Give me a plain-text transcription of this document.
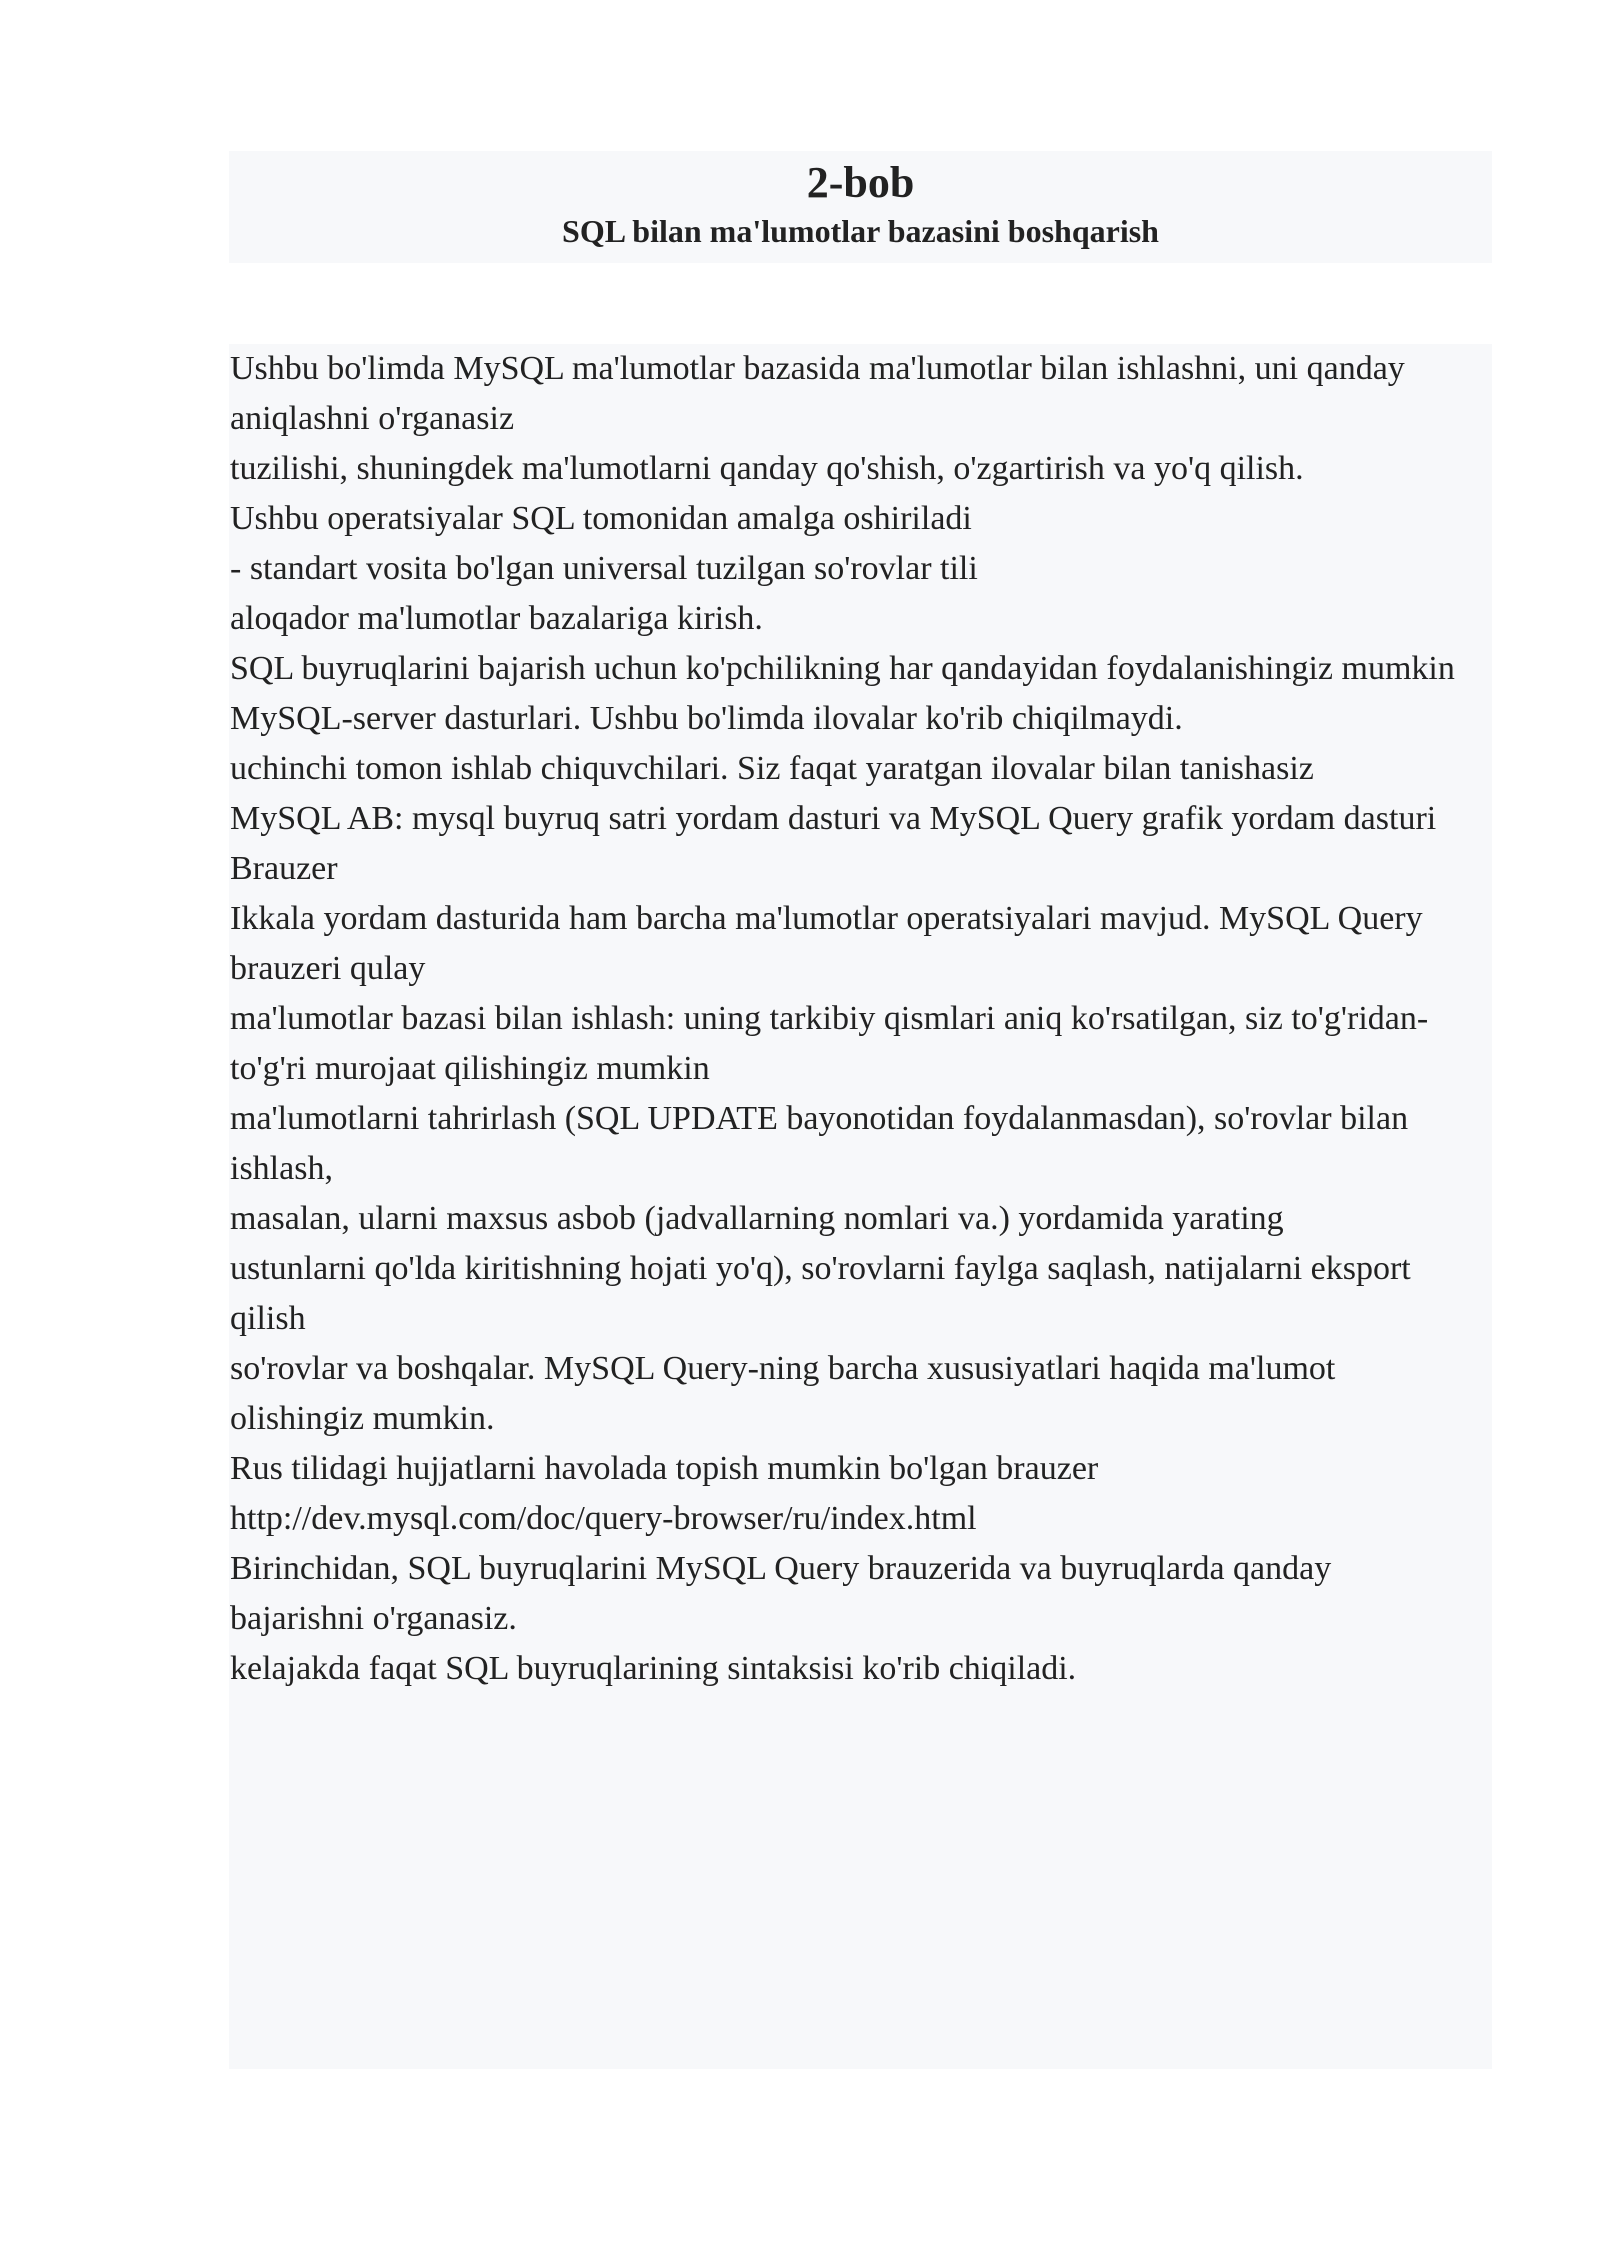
2-bob
SQL bilan ma'lumotlar bazasini boshqarish
Ushbu bo'limda MySQL ma'lumotlar bazasida ma'lumotlar bilan ishlashni, uni qanday aniqlashni o'rganasiz
tuzilishi, shuningdek ma'lumotlarni qanday qo'shish, o'zgartirish va yo'q qilish.
Ushbu operatsiyalar SQL tomonidan amalga oshiriladi
- standart vosita bo'lgan universal tuzilgan so'rovlar tili
aloqador ma'lumotlar bazalariga kirish.
SQL buyruqlarini bajarish uchun ko'pchilikning har qandayidan foydalanishingiz mumkin
MySQL-server dasturlari. Ushbu bo'limda ilovalar ko'rib chiqilmaydi.
uchinchi tomon ishlab chiquvchilari. Siz faqat yaratgan ilovalar bilan tanishasiz
MySQL AB: mysql buyruq satri yordam dasturi va MySQL Query grafik yordam dasturi
Brauzer
Ikkala yordam dasturida ham barcha ma'lumotlar operatsiyalari mavjud. MySQL Query brauzeri qulay
ma'lumotlar bazasi bilan ishlash: uning tarkibiy qismlari aniq ko'rsatilgan, siz to'g'ridan-to'g'ri murojaat qilishingiz mumkin
ma'lumotlarni tahrirlash (SQL UPDATE bayonotidan foydalanmasdan), so'rovlar bilan ishlash,
masalan, ularni maxsus asbob (jadvallarning nomlari va.) yordamida yarating
ustunlarni qo'lda kiritishning hojati yo'q), so'rovlarni faylga saqlash, natijalarni eksport qilish
so'rovlar va boshqalar. MySQL Query-ning barcha xususiyatlari haqida ma'lumot olishingiz mumkin.
Rus tilidagi hujjatlarni havolada topish mumkin bo'lgan brauzer
http://dev.mysql.com/doc/query-browser/ru/index.html
Birinchidan, SQL buyruqlarini MySQL Query brauzerida va buyruqlarda qanday bajarishni o'rganasiz.
kelajakda faqat SQL buyruqlarining sintaksisi ko'rib chiqiladi.
